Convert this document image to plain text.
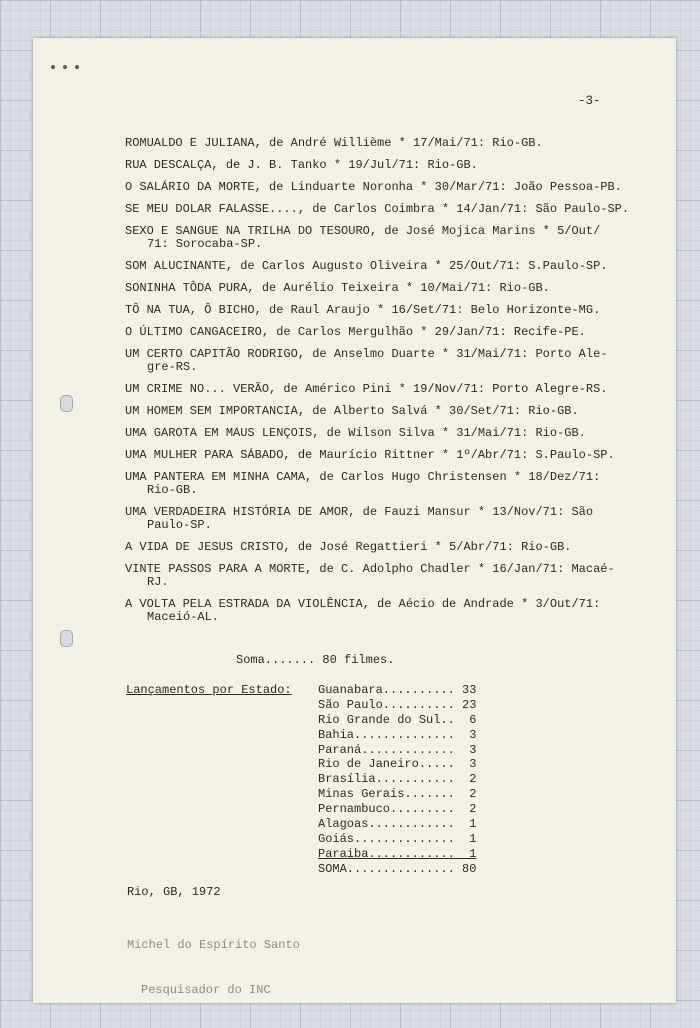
-3-
ROMUALDO E JULIANA, de André Willième * 17/Mai/71: Rio-GB.
RUA DESCALÇA, de J. B. Tanko * 19/Jul/71: Rio-GB.
O SALÁRIO DA MORTE, de Linduarte Noronha * 30/Mar/71: João Pessoa-PB.
SE MEU DOLAR FALASSE...., de Carlos Coimbra * 14/Jan/71: São Paulo-SP.
SEXO E SANGUE NA TRILHA DO TESOURO, de José Mojica Marins * 5/Out/
71: Sorocaba-SP.
SOM ALUCINANTE, de Carlos Augusto Oliveira * 25/Out/71: S.Paulo-SP.
SONINHA TÔDA PURA, de Aurélio Teixeira * 10/Mai/71: Rio-GB.
TÔ NA TUA, Ô BICHO, de Raul Araujo * 16/Set/71: Belo Horizonte-MG.
O ÚLTIMO CANGACEIRO, de Carlos Mergulhão * 29/Jan/71: Recife-PE.
UM CERTO CAPITÃO RODRIGO, de Anselmo Duarte * 31/Mai/71: Porto Ale-
gre-RS.
UM CRIME NO... VERÃO, de Américo Pini * 19/Nov/71: Porto Alegre-RS.
UM HOMEM SEM IMPORTANCIA, de Alberto Salvá * 30/Set/71: Rio-GB.
UMA GAROTA EM MAUS LENÇOIS, de Wilson Silva * 31/Mai/71: Rio-GB.
UMA MULHER PARA SÁBADO, de Maurício Rittner * 1º/Abr/71: S.Paulo-SP.
UMA PANTERA EM MINHA CAMA, de Carlos Hugo Christensen * 18/Dez/71:
Rio-GB.
UMA VERDADEIRA HISTÓRIA DE AMOR, de Fauzi Mansur * 13/Nov/71: São
Paulo-SP.
A VIDA DE JESUS CRISTO, de José Regattieri * 5/Abr/71: Rio-GB.
VINTE PASSOS PARA A MORTE, de C. Adolpho Chadler * 16/Jan/71: Macaé-
RJ.
A VOLTA PELA ESTRADA DA VIOLÊNCIA, de Aécio de Andrade * 3/Out/71:
Maceió-AL.
Soma....... 80 filmes.
Lançamentos por Estado: Guanabara.......... 33
São Paulo.......... 23
Rio Grande do Sul..  6
Bahia..............  3
Paraná.............  3
Rio de Janeiro.....  3
Brasília...........  2
Minas Gerais.......  2
Pernambuco.........  2
Alagoas............  1
Goiás..............  1
Paraiba............  1
SOMA............... 80
Rio, GB, 1972

Michel do Espírito Santo

Pesquisador do INC
